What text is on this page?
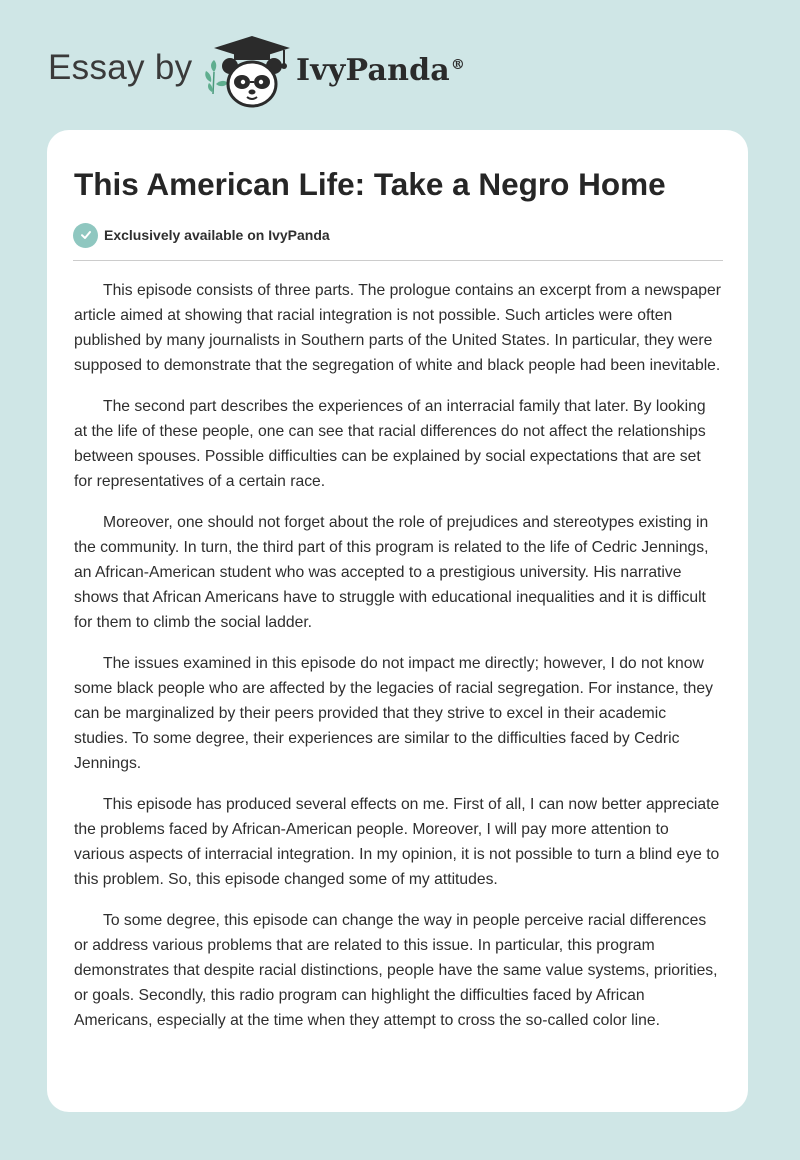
Essay by	IvyPanda®
This American Life: Take a Negro Home
Exclusively available on IvyPanda

This episode consists of three parts. The prologue contains an excerpt from a newspaper article aimed at showing that racial integration is not possible. Such articles were often published by many journalists in Southern parts of the United States. In particular, they were supposed to demonstrate that the segregation of white and black people had been inevitable.

The second part describes the experiences of an interracial family that later. By looking at the life of these people, one can see that racial differences do not affect the relationships between spouses. Possible difficulties can be explained by social expectations that are set for representatives of a certain race.

Moreover, one should not forget about the role of prejudices and stereotypes existing in the community. In turn, the third part of this program is related to the life of Cedric Jennings, an African-American student who was accepted to a prestigious university. His narrative shows that African Americans have to struggle with educational inequalities and it is difficult for them to climb the social ladder.

The issues examined in this episode do not impact me directly; however, I do not know some black people who are affected by the legacies of racial segregation. For instance, they can be marginalized by their peers provided that they strive to excel in their academic studies. To some degree, their experiences are similar to the difficulties faced by Cedric Jennings.

This episode has produced several effects on me. First of all, I can now better appreciate the problems faced by African-American people. Moreover, I will pay more attention to various aspects of interracial integration. In my opinion, it is not possible to turn a blind eye to this problem. So, this episode changed some of my attitudes.

To some degree, this episode can change the way in people perceive racial differences or address various problems that are related to this issue. In particular, this program demonstrates that despite racial distinctions, people have the same value systems, priorities, or goals. Secondly, this radio program can highlight the difficulties faced by African Americans, especially at the time when they attempt to cross the so-called color line.
